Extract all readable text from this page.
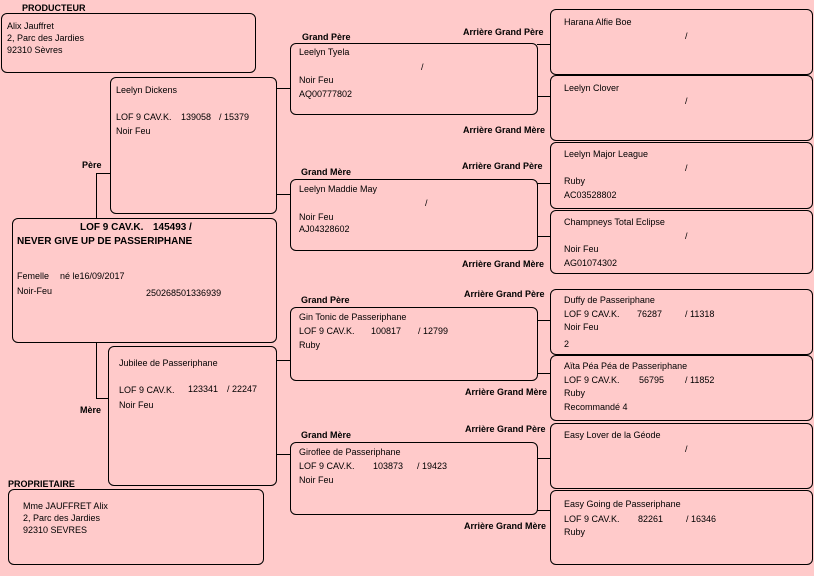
PRODUCTEUR
Alix Jauffret
2, Parc des Jardies
92310 Sèvres
LOF 9 CAV.K. 145493 /
NEVER GIVE UP DE PASSERIPHANE
Femelle né le16/09/2017
Noir-Feu	250268501336939
PROPRIETAIRE
Mme JAUFFRET Alix
2, Parc des Jardies
92310 SEVRES
Père
Leelyn Dickens
LOF 9 CAV.K. 139058 / 15379
Noir Feu
Mère
Jubilee de Passeriphane
LOF 9 CAV.K. 123341 / 22247
Noir Feu
Grand Père
Leelyn Tyela
/
Noir Feu
AQ00777802
Grand Mère
Leelyn Maddie May
/
Noir Feu
AJ04328602
Grand Père
Gin Tonic de Passeriphane
LOF 9 CAV.K. 100817 / 12799
Ruby
Grand Mère
Giroflee de Passeriphane
LOF 9 CAV.K. 103873 / 19423
Noir Feu
Arrière Grand Père
Arrière Grand Mère
Arrière Grand Père
Arrière Grand Mère
Arrière Grand Père
Arrière Grand Mère
Arrière Grand Père
Arrière Grand Mère
Harana Alfie Boe
/
Leelyn Clover
/
Leelyn Major League
/
Ruby
AC03528802
Champneys Total Eclipse
/
Noir Feu
AG01074302
Duffy de Passeriphane
LOF 9 CAV.K. 76287	/ 11318
Noir Feu
2
Aïta Péa Péa de Passeriphane
LOF 9 CAV.K. 56795 / 11852
Ruby
Recommandé 4
Easy Lover de la Géode
/
Easy Going de Passeriphane
LOF 9 CAV.K. 82261	/ 16346
Ruby
